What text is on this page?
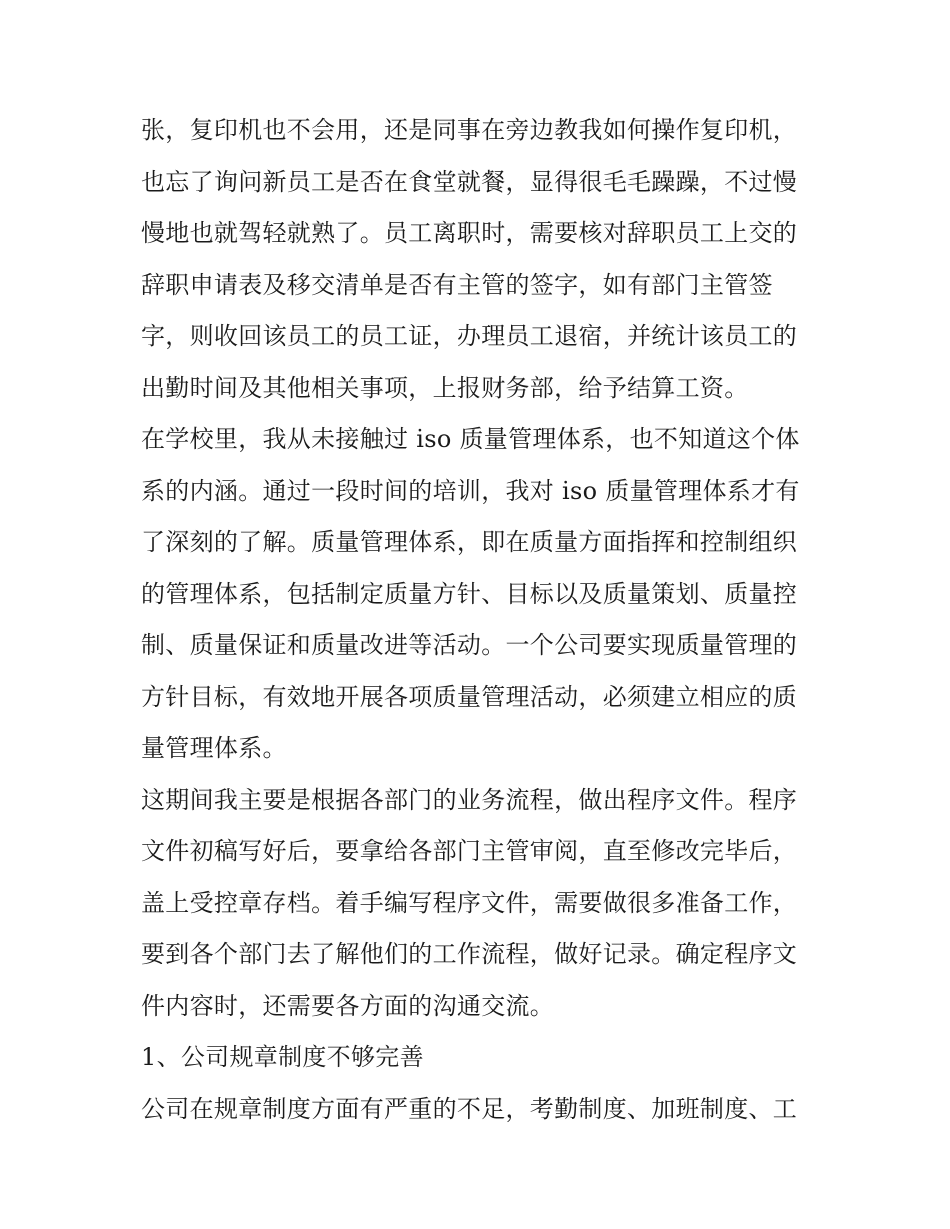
张，复印机也不会用，还是同事在旁边教我如何操作复印机，
也忘了询问新员工是否在食堂就餐，显得很毛毛躁躁，不过慢
慢地也就驾轻就熟了。员工离职时，需要核对辞职员工上交的
辞职申请表及移交清单是否有主管的签字，如有部门主管签
字，则收回该员工的员工证，办理员工退宿，并统计该员工的
出勤时间及其他相关事项，上报财务部，给予结算工资。
在学校里，我从未接触过 iso 质量管理体系，也不知道这个体
系的内涵。通过一段时间的培训，我对 iso 质量管理体系才有
了深刻的了解。质量管理体系，即在质量方面指挥和控制组织
的管理体系，包括制定质量方针、目标以及质量策划、质量控
制、质量保证和质量改进等活动。一个公司要实现质量管理的
方针目标，有效地开展各项质量管理活动，必须建立相应的质
量管理体系。
这期间我主要是根据各部门的业务流程，做出程序文件。程序
文件初稿写好后，要拿给各部门主管审阅，直至修改完毕后，
盖上受控章存档。着手编写程序文件，需要做很多准备工作，
要到各个部门去了解他们的工作流程，做好记录。确定程序文
件内容时，还需要各方面的沟通交流。
1、公司规章制度不够完善
公司在规章制度方面有严重的不足，考勤制度、加班制度、工
